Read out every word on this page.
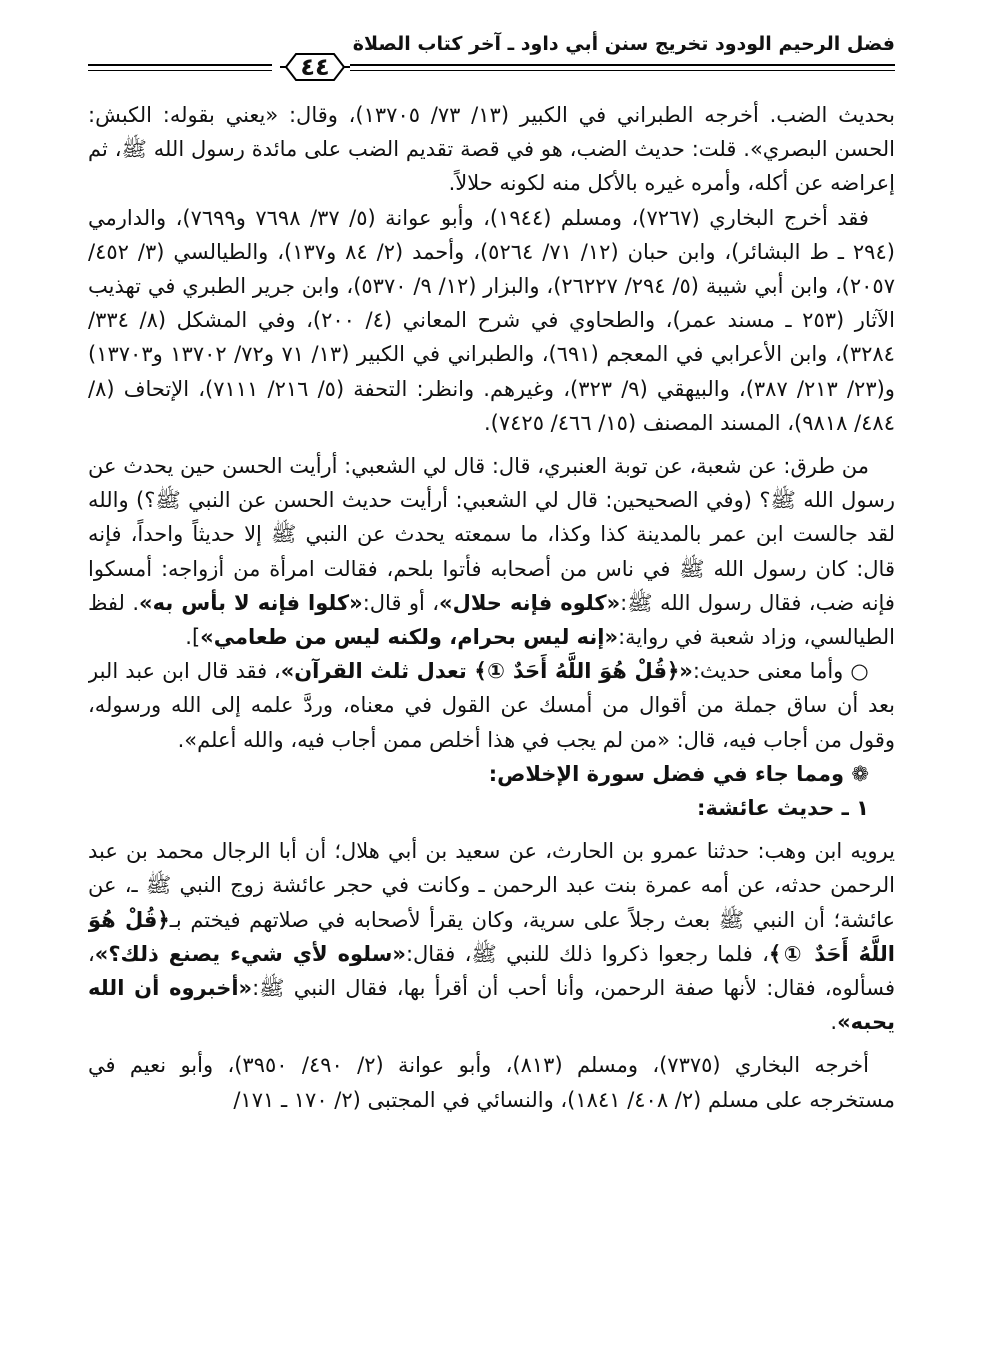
فضل الرحيم الودود تخريج سنن أبي داود ـ آخر كتاب الصلاة
٤٤

بحديث الضب. أخرجه الطبراني في الكبير (١٣/ ٧٣/ ١٣٧٠٥)، وقال: «يعني بقوله: الكبش: الحسن البصري». قلت: حديث الضب، هو في قصة تقديم الضب على مائدة رسول الله ﷺ، ثم إعراضه عن أكله، وأمره غيره بالأكل منه لكونه حلالاً.

فقد أخرج البخاري (٧٢٦٧)، ومسلم (١٩٤٤)، وأبو عوانة (٥/ ٣٧/ ٧٦٩٨ و٧٦٩٩)، والدارمي (٢٩٤ ـ ط البشائر)، وابن حبان (١٢/ ٧١/ ٥٢٦٤)، وأحمد (٢/ ٨٤ و١٣٧)، والطيالسي (٣/ ٤٥٢/ ٢٠٥٧)، وابن أبي شيبة (٥/ ٢٩٤/ ٢٦٢٢٧)، والبزار (١٢/ ٩/ ٥٣٧٠)، وابن جرير الطبري في تهذيب الآثار (٢٥٣ ـ مسند عمر)، والطحاوي في شرح المعاني (٤/ ٢٠٠)، وفي المشكل (٨/ ٣٣٤/ ٣٢٨٤)، وابن الأعرابي في المعجم (٦٩١)، والطبراني في الكبير (١٣/ ٧١ و٧٢/ ١٣٧٠٢ و١٣٧٠٣) و(٢٣/ ٢١٣/ ٣٨٧)، والبيهقي (٩/ ٣٢٣)، وغيرهم. وانظر: التحفة (٥/ ٢١٦/ ٧١١١)، الإتحاف (٨/ ٤٨٤/ ٩٨١٨)، المسند المصنف (١٥/ ٤٦٦/ ٧٤٢٥).

من طرق: عن شعبة، عن توبة العنبري، قال: قال لي الشعبي: أرأيت الحسن حين يحدث عن رسول الله ﷺ؟ (وفي الصحيحين: قال لي الشعبي: أرأيت حديث الحسن عن النبي ﷺ؟) والله لقد جالست ابن عمر بالمدينة كذا وكذا، ما سمعته يحدث عن النبي ﷺ إلا حديثاً واحداً، فإنه قال: كان رسول الله ﷺ في ناس من أصحابه فأتوا بلحم، فقالت امرأة من أزواجه: أمسكوا فإنه ضب، فقال رسول الله ﷺ:«كلوه فإنه حلال»، أو قال:«كلوا فإنه لا بأس به». لفظ الطيالسي، وزاد شعبة في رواية:«إنه ليس بحرام، ولكنه ليس من طعامي»].

○ وأما معنى حديث:«﴿قُلْ هُوَ اللَّهُ أَحَدٌ ①﴾ تعدل ثلث القرآن»، فقد قال ابن عبد البر بعد أن ساق جملة من أقوال من أمسك عن القول في معناه، وردَّ علمه إلى الله ورسوله، وقول من أجاب فيه، قال: «من لم يجب في هذا أخلص ممن أجاب فيه، والله أعلم».

❁ ومما جاء في فضل سورة الإخلاص:

١ ـ حديث عائشة:

يرويه ابن وهب: حدثنا عمرو بن الحارث، عن سعيد بن أبي هلال؛ أن أبا الرجال محمد بن عبد الرحمن حدثه، عن أمه عمرة بنت عبد الرحمن ـ وكانت في حجر عائشة زوج النبي ﷺ ـ، عن عائشة؛ أن النبي ﷺ بعث رجلاً على سرية، وكان يقرأ لأصحابه في صلاتهم فيختم بـ﴿قُلْ هُوَ اللَّهُ أَحَدٌ ①﴾، فلما رجعوا ذكروا ذلك للنبي ﷺ، فقال:«سلوه لأي شيء يصنع ذلك؟»، فسألوه، فقال: لأنها صفة الرحمن، وأنا أحب أن أقرأ بها، فقال النبي ﷺ:«أخبروه أن الله يحبه».

أخرجه البخاري (٧٣٧٥)، ومسلم (٨١٣)، وأبو عوانة (٢/ ٤٩٠/ ٣٩٥٠)، وأبو نعيم في مستخرجه على مسلم (٢/ ٤٠٨/ ١٨٤١)، والنسائي في المجتبى (٢/ ١٧٠ ـ ١٧١/
